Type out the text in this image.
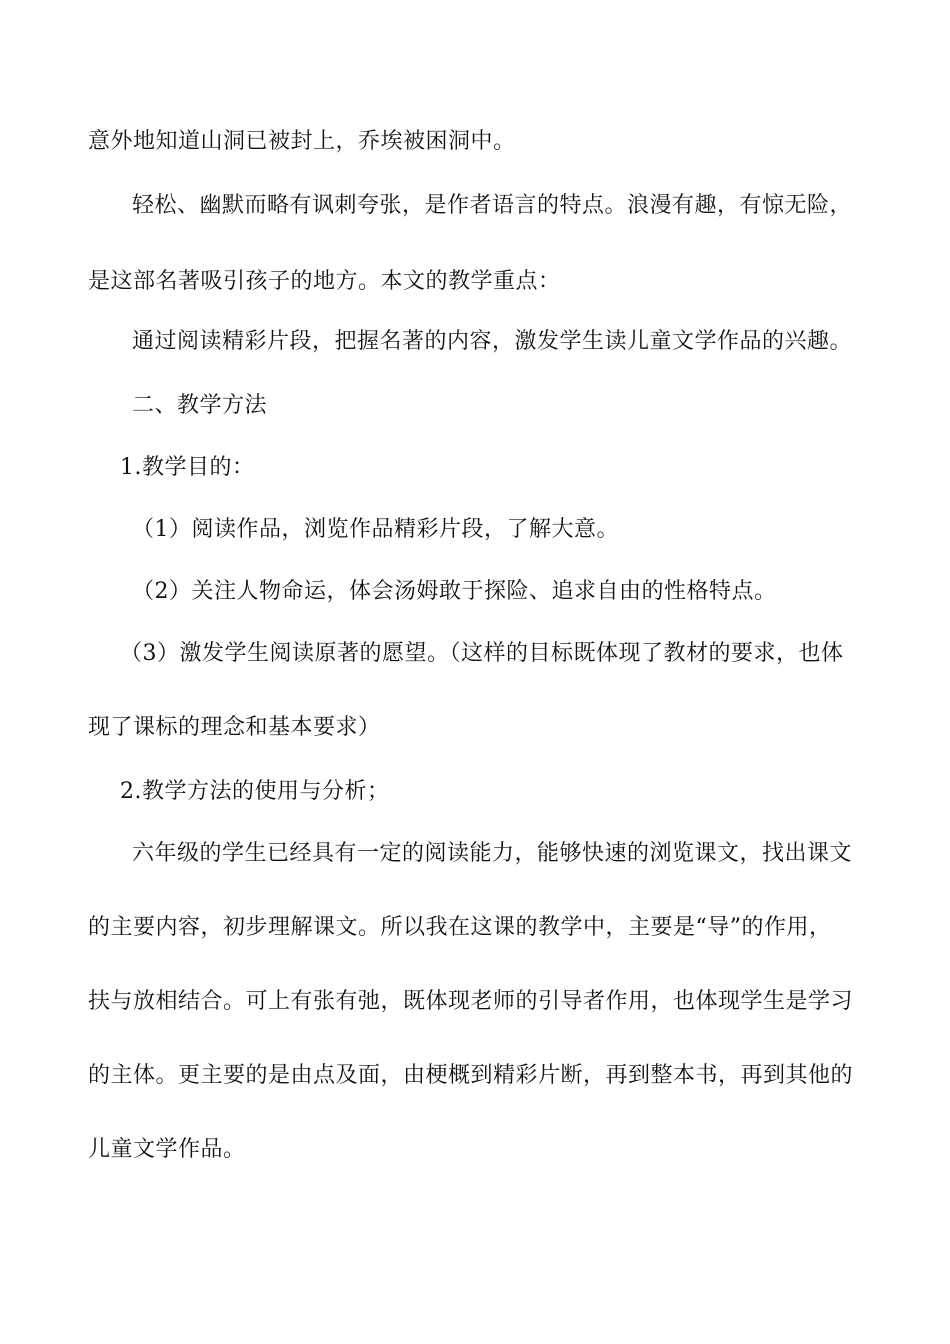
意外地知道山洞已被封上，乔埃被困洞中。
轻松、幽默而略有讽刺夸张，是作者语言的特点。浪漫有趣，有惊无险，
是这部名著吸引孩子的地方。本文的教学重点：
通过阅读精彩片段，把握名著的内容，激发学生读儿童文学作品的兴趣。
二、教学方法
1.教学目的：
（1）阅读作品，浏览作品精彩片段，了解大意。
（2）关注人物命运，体会汤姆敢于探险、追求自由的性格特点。
（3）激发学生阅读原著的愿望。（这样的目标既体现了教材的要求，也体
现了课标的理念和基本要求）
2.教学方法的使用与分析；
六年级的学生已经具有一定的阅读能力，能够快速的浏览课文，找出课文
的主要内容，初步理解课文。所以我在这课的教学中，主要是“导”的作用，
扶与放相结合。可上有张有弛，既体现老师的引导者作用，也体现学生是学习
的主体。更主要的是由点及面，由梗概到精彩片断，再到整本书，再到其他的
儿童文学作品。
